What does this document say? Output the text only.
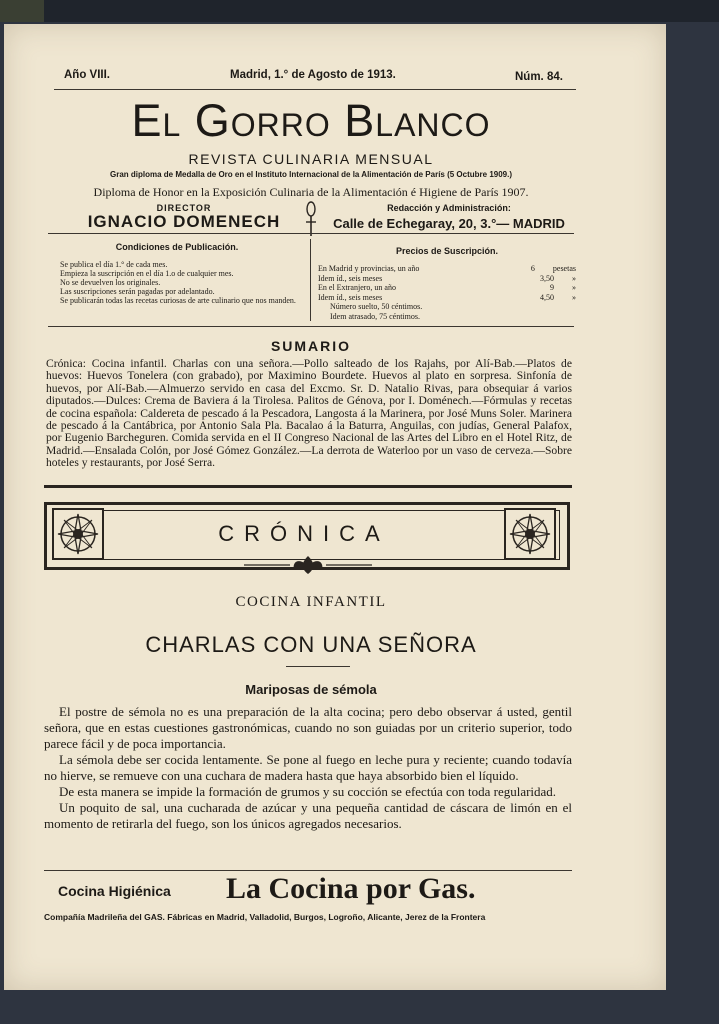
Año VIII.	Madrid, 1.° de Agosto de 1913.	Núm. 84.
El Gorro Blanco
REVISTA CULINARIA MENSUAL
Gran diploma de Medalla de Oro en el Instituto Internacional de la Alimentación de París (5 Octubre 1909.)
Diploma de Honor en la Exposición Culinaria de la Alimentación é Higiene de París 1907.
DIRECTOR
IGNACIO DOMENECH
Redacción y Administración:
Calle de Echegaray, 20, 3.°— MADRID
Condiciones de Publicación.
Se publica el día 1.° de cada mes.
Empieza la suscripción en el día 1.o de cualquier mes.
No se devuelven los originales.
Las suscripciones serán pagadas por adelantado.
Se publicarán todas las recetas curiosas de arte culinario que nos manden.
Precios de Suscripción.
En Madrid y provincias, un año	6 pesetas
Idem íd., seis meses	3,50 »
En el Extranjero, un año	9 »
Idem íd., seis meses	4,50 »
Número suelto, 50 céntimos.
Idem atrasado, 75 céntimos.
SUMARIO
Crónica: Cocina infantil. Charlas con una señora.—Pollo salteado de los Rajahs, por Alí-Bab.—Platos de huevos: Huevos Tonelera (con grabado), por Maximino Bourdete. Huevos al plato en sorpresa. Sinfonía de huevos, por Alí-Bab.—Almuerzo servido en casa del Excmo. Sr. D. Natalio Rivas, para obsequiar á varios diputados.—Dulces: Crema de Baviera á la Tirolesa. Palitos de Génova, por I. Doménech.—Fórmulas y recetas de cocina española: Caldereta de pescado á la Pescadora, Langosta á la Marinera, por José Muns Soler. Marinera de pescado á la Cantábrica, por Antonio Sala Pla. Bacalao á la Baturra, Anguilas, con judías, General Palafox, por Eugenio Barcheguren. Comida servida en el II Congreso Nacional de las Artes del Libro en el Hotel Ritz, de Madrid.—Ensalada Colón, por José Gómez González.—La derrota de Waterloo por un vaso de cerveza.—Sobre hoteles y restaurants, por José Serra.
CRÓNICA
COCINA INFANTIL
CHARLAS CON UNA SEÑORA
Mariposas de sémola

El postre de sémola no es una preparación de la alta cocina; pero debo observar á usted, gentil señora, que en estas cuestiones gastronómicas, cuando no son guiadas por un criterio superior, todo parece fácil y de poca importancia.

La sémola debe ser cocida lentamente. Se pone al fuego en leche pura y reciente; cuando todavía no hierve, se remueve con una cuchara de madera hasta que haya absorbido bien el líquido.

De esta manera se impide la formación de grumos y su cocción se efectúa con toda regularidad.

Un poquito de sal, una cucharada de azúcar y una pequeña cantidad de cáscara de limón en el momento de retirarla del fuego, son los únicos agregados necesarios.

Cocina Higiénica La Cocina por Gas.
Compañía Madrileña del GAS. Fábricas en Madrid, Valladolid, Burgos, Logroño, Alicante, Jerez de la Frontera
